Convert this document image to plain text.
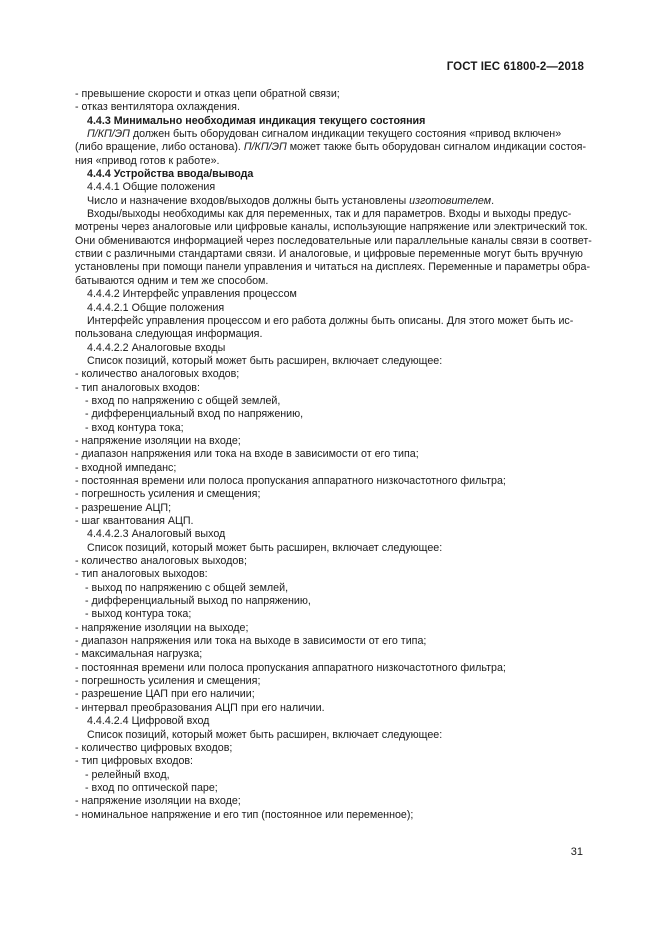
ГОСТ IEC 61800-2—2018
- превышение скорости и отказ цепи обратной связи;
- отказ вентилятора охлаждения.
4.4.3 Минимально необходимая индикация текущего состояния
П/КП/ЭП должен быть оборудован сигналом индикации текущего состояния «привод включен»
(либо вращение, либо останова). П/КП/ЭП может также быть оборудован сигналом индикации состоя-
ния «привод готов к работе».
4.4.4 Устройства ввода/вывода
4.4.4.1 Общие положения
Число и назначение входов/выходов должны быть установлены изготовителем.
Входы/выходы необходимы как для переменных, так и для параметров. Входы и выходы предус-
мотрены через аналоговые или цифровые каналы, использующие напряжение или электрический ток.
Они обмениваются информацией через последовательные или параллельные каналы связи в соответ-
ствии с различными стандартами связи. И аналоговые, и цифровые переменные могут быть вручную
установлены при помощи панели управления и читаться на дисплеях. Переменные и параметры обра-
батываются одним и тем же способом.
4.4.4.2 Интерфейс управления процессом
4.4.4.2.1 Общие положения
Интерфейс управления процессом и его работа должны быть описаны. Для этого может быть ис-
пользована следующая информация.
4.4.4.2.2 Аналоговые входы
Список позиций, который может быть расширен, включает следующее:
- количество аналоговых входов;
- тип аналоговых входов:
- вход по напряжению с общей землей,
- дифференциальный вход по напряжению,
- вход контура тока;
- напряжение изоляции на входе;
- диапазон напряжения или тока на входе в зависимости от его типа;
- входной импеданс;
- постоянная времени или полоса пропускания аппаратного низкочастотного фильтра;
- погрешность усиления и смещения;
- разрешение АЦП;
- шаг квантования АЦП.
4.4.4.2.3 Аналоговый выход
Список позиций, который может быть расширен, включает следующее:
- количество аналоговых выходов;
- тип аналоговых выходов:
- выход по напряжению с общей землей,
- дифференциальный выход по напряжению,
- выход контура тока;
- напряжение изоляции на выходе;
- диапазон напряжения или тока на выходе в зависимости от его типа;
- максимальная нагрузка;
- постоянная времени или полоса пропускания аппаратного низкочастотного фильтра;
- погрешность усиления и смещения;
- разрешение ЦАП при его наличии;
- интервал преобразования АЦП при его наличии.
4.4.4.2.4 Цифровой вход
Список позиций, который может быть расширен, включает следующее:
- количество цифровых входов;
- тип цифровых входов:
- релейный вход,
- вход по оптической паре;
- напряжение изоляции на входе;
- номинальное напряжение и его тип (постоянное или переменное);
31
